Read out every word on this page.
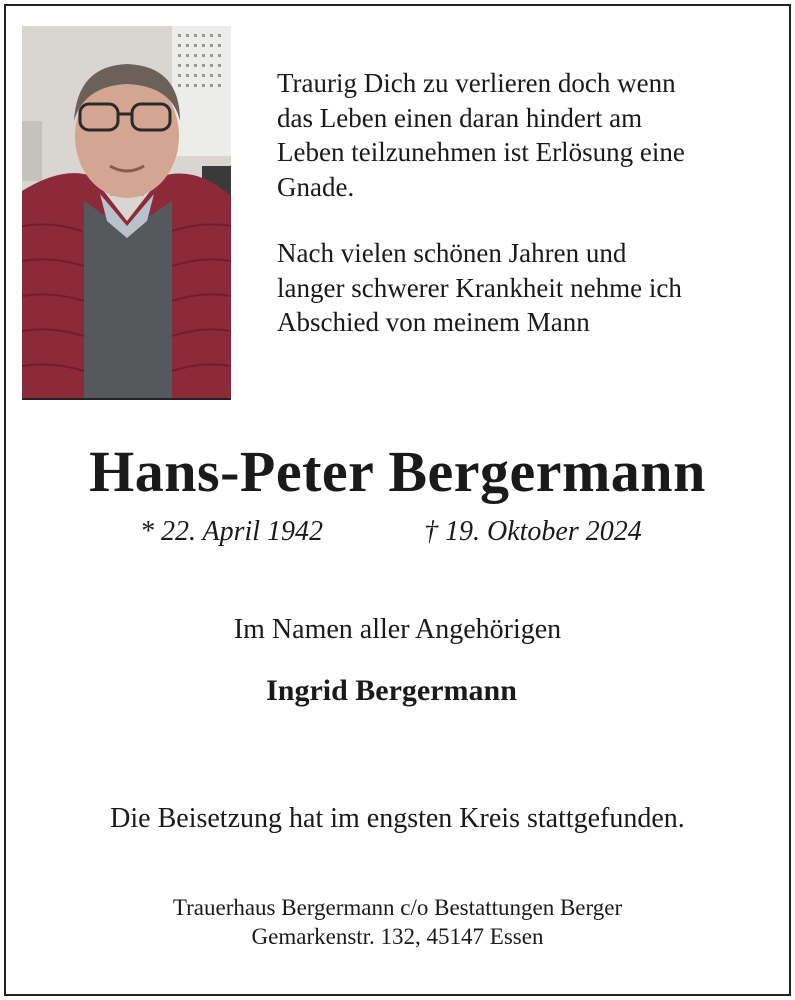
Traurig Dich zu verlieren doch wenn
das Leben einen daran hindert am
Leben teilzunehmen ist Erlösung eine
Gnade.

Nach vielen schönen Jahren und
langer schwerer Krankheit nehme ich
Abschied von meinem Mann

Hans-Peter Bergermann
* 22. April 1942	† 19. Oktober 2024
Im Namen aller Angehörigen
Ingrid Bergermann
Die Beisetzung hat im engsten Kreis stattgefunden.
Trauerhaus Bergermann c/o Bestattungen Berger
Gemarkenstr. 132, 45147 Essen
